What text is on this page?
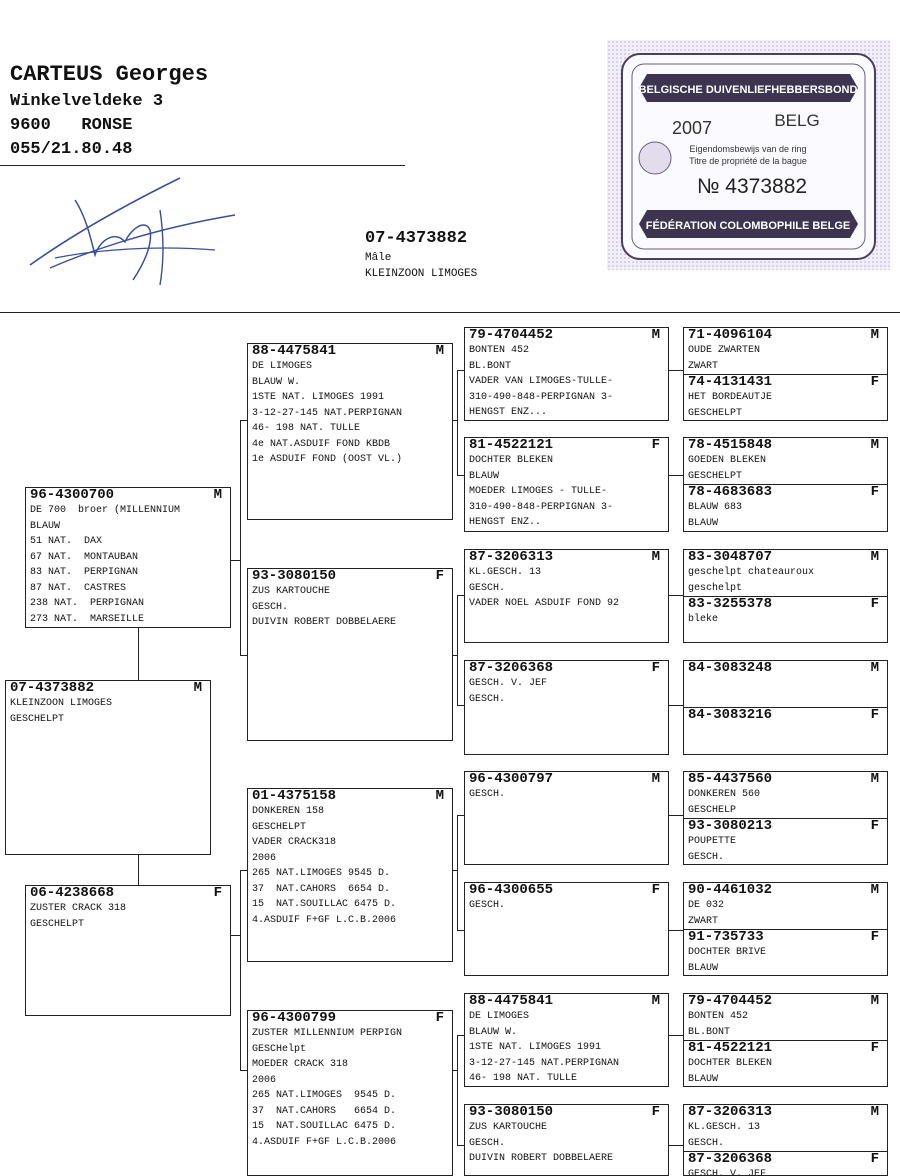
CARTEUS Georges
Winkelveldeke 3
9600   RONSE
055/21.80.48
BELGISCHE DUIVENLIEFHEBBERSBOND
2007	BELG
Eigendomsbewijs van de ring
Titre de propriété de la bague
№ 4373882
FÉDÉRATION COLOMBOPHILE BELGE
07-4373882
Mâle
KLEINZOON LIMOGES
07-4373882	M
KLEINZOON LIMOGES
GESCHELPT
96-4300700	M
DE 700  broer (MILLENNIUM
BLAUW
51 NAT.  DAX
67 NAT.  MONTAUBAN
83 NAT.  PERPIGNAN
87 NAT.  CASTRES
238 NAT.  PERPIGNAN
273 NAT.  MARSEILLE
06-4238668	F
ZUSTER CRACK 318
GESCHELPT
88-4475841	M
DE LIMOGES
BLAUW W.
1STE NAT. LIMOGES 1991
3-12-27-145 NAT.PERPIGNAN
46- 198 NAT. TULLE
4e NAT.ASDUIF FOND KBDB
1e ASDUIF FOND (OOST VL.)
93-3080150	F
ZUS KARTOUCHE
GESCH.
DUIVIN ROBERT DOBBELAERE
01-4375158	M
DONKEREN 158
GESCHELPT
VADER CRACK318
2006
265 NAT.LIMOGES 9545 D.
37  NAT.CAHORS  6654 D.
15  NAT.SOUILLAC 6475 D.
4.ASDUIF F+GF L.C.B.2006
96-4300799	F
ZUSTER MILLENNIUM PERPIGN
GESCHelpt
MOEDER CRACK 318
2006
265 NAT.LIMOGES  9545 D.
37  NAT.CAHORS   6654 D.
15  NAT.SOUILLAC 6475 D.
4.ASDUIF F+GF L.C.B.2006
79-4704452	M
BONTEN 452
BL.BONT
VADER VAN LIMOGES-TULLE-
310-490-848-PERPIGNAN 3-
HENGST ENZ...
81-4522121	F
DOCHTER BLEKEN
BLAUW
MOEDER LIMOGES - TULLE-
310-490-848-PERPIGNAN 3-
HENGST ENZ..
87-3206313	M
KL.GESCH. 13
GESCH.
VADER NOEL ASDUIF FOND 92
87-3206368	F
GESCH. V. JEF
GESCH.
96-4300797	M
GESCH.
96-4300655	F
GESCH.
88-4475841	M
DE LIMOGES
BLAUW W.
1STE NAT. LIMOGES 1991
3-12-27-145 NAT.PERPIGNAN
46- 198 NAT. TULLE
93-3080150	F
ZUS KARTOUCHE
GESCH.
DUIVIN ROBERT DOBBELAERE
71-4096104	M
OUDE ZWARTEN
ZWART
74-4131431	F
HET BORDEAUTJE
GESCHELPT
78-4515848	M
GOEDEN BLEKEN
GESCHELPT
78-4683683	F
BLAUW 683
BLAUW
83-3048707	M
geschelpt chateauroux
geschelpt
83-3255378	F
bleke
84-3083248	M
84-3083216	F
85-4437560	M
DONKEREN 560
GESCHELP
93-3080213	F
POUPETTE
GESCH.
90-4461032	M
DE 032
ZWART
91-735733	F
DOCHTER BRIVE
BLAUW
79-4704452	M
BONTEN 452
BL.BONT
81-4522121	F
DOCHTER BLEKEN
BLAUW
87-3206313	M
KL.GESCH. 13
GESCH.
87-3206368	F
GESCH. V. JEF
